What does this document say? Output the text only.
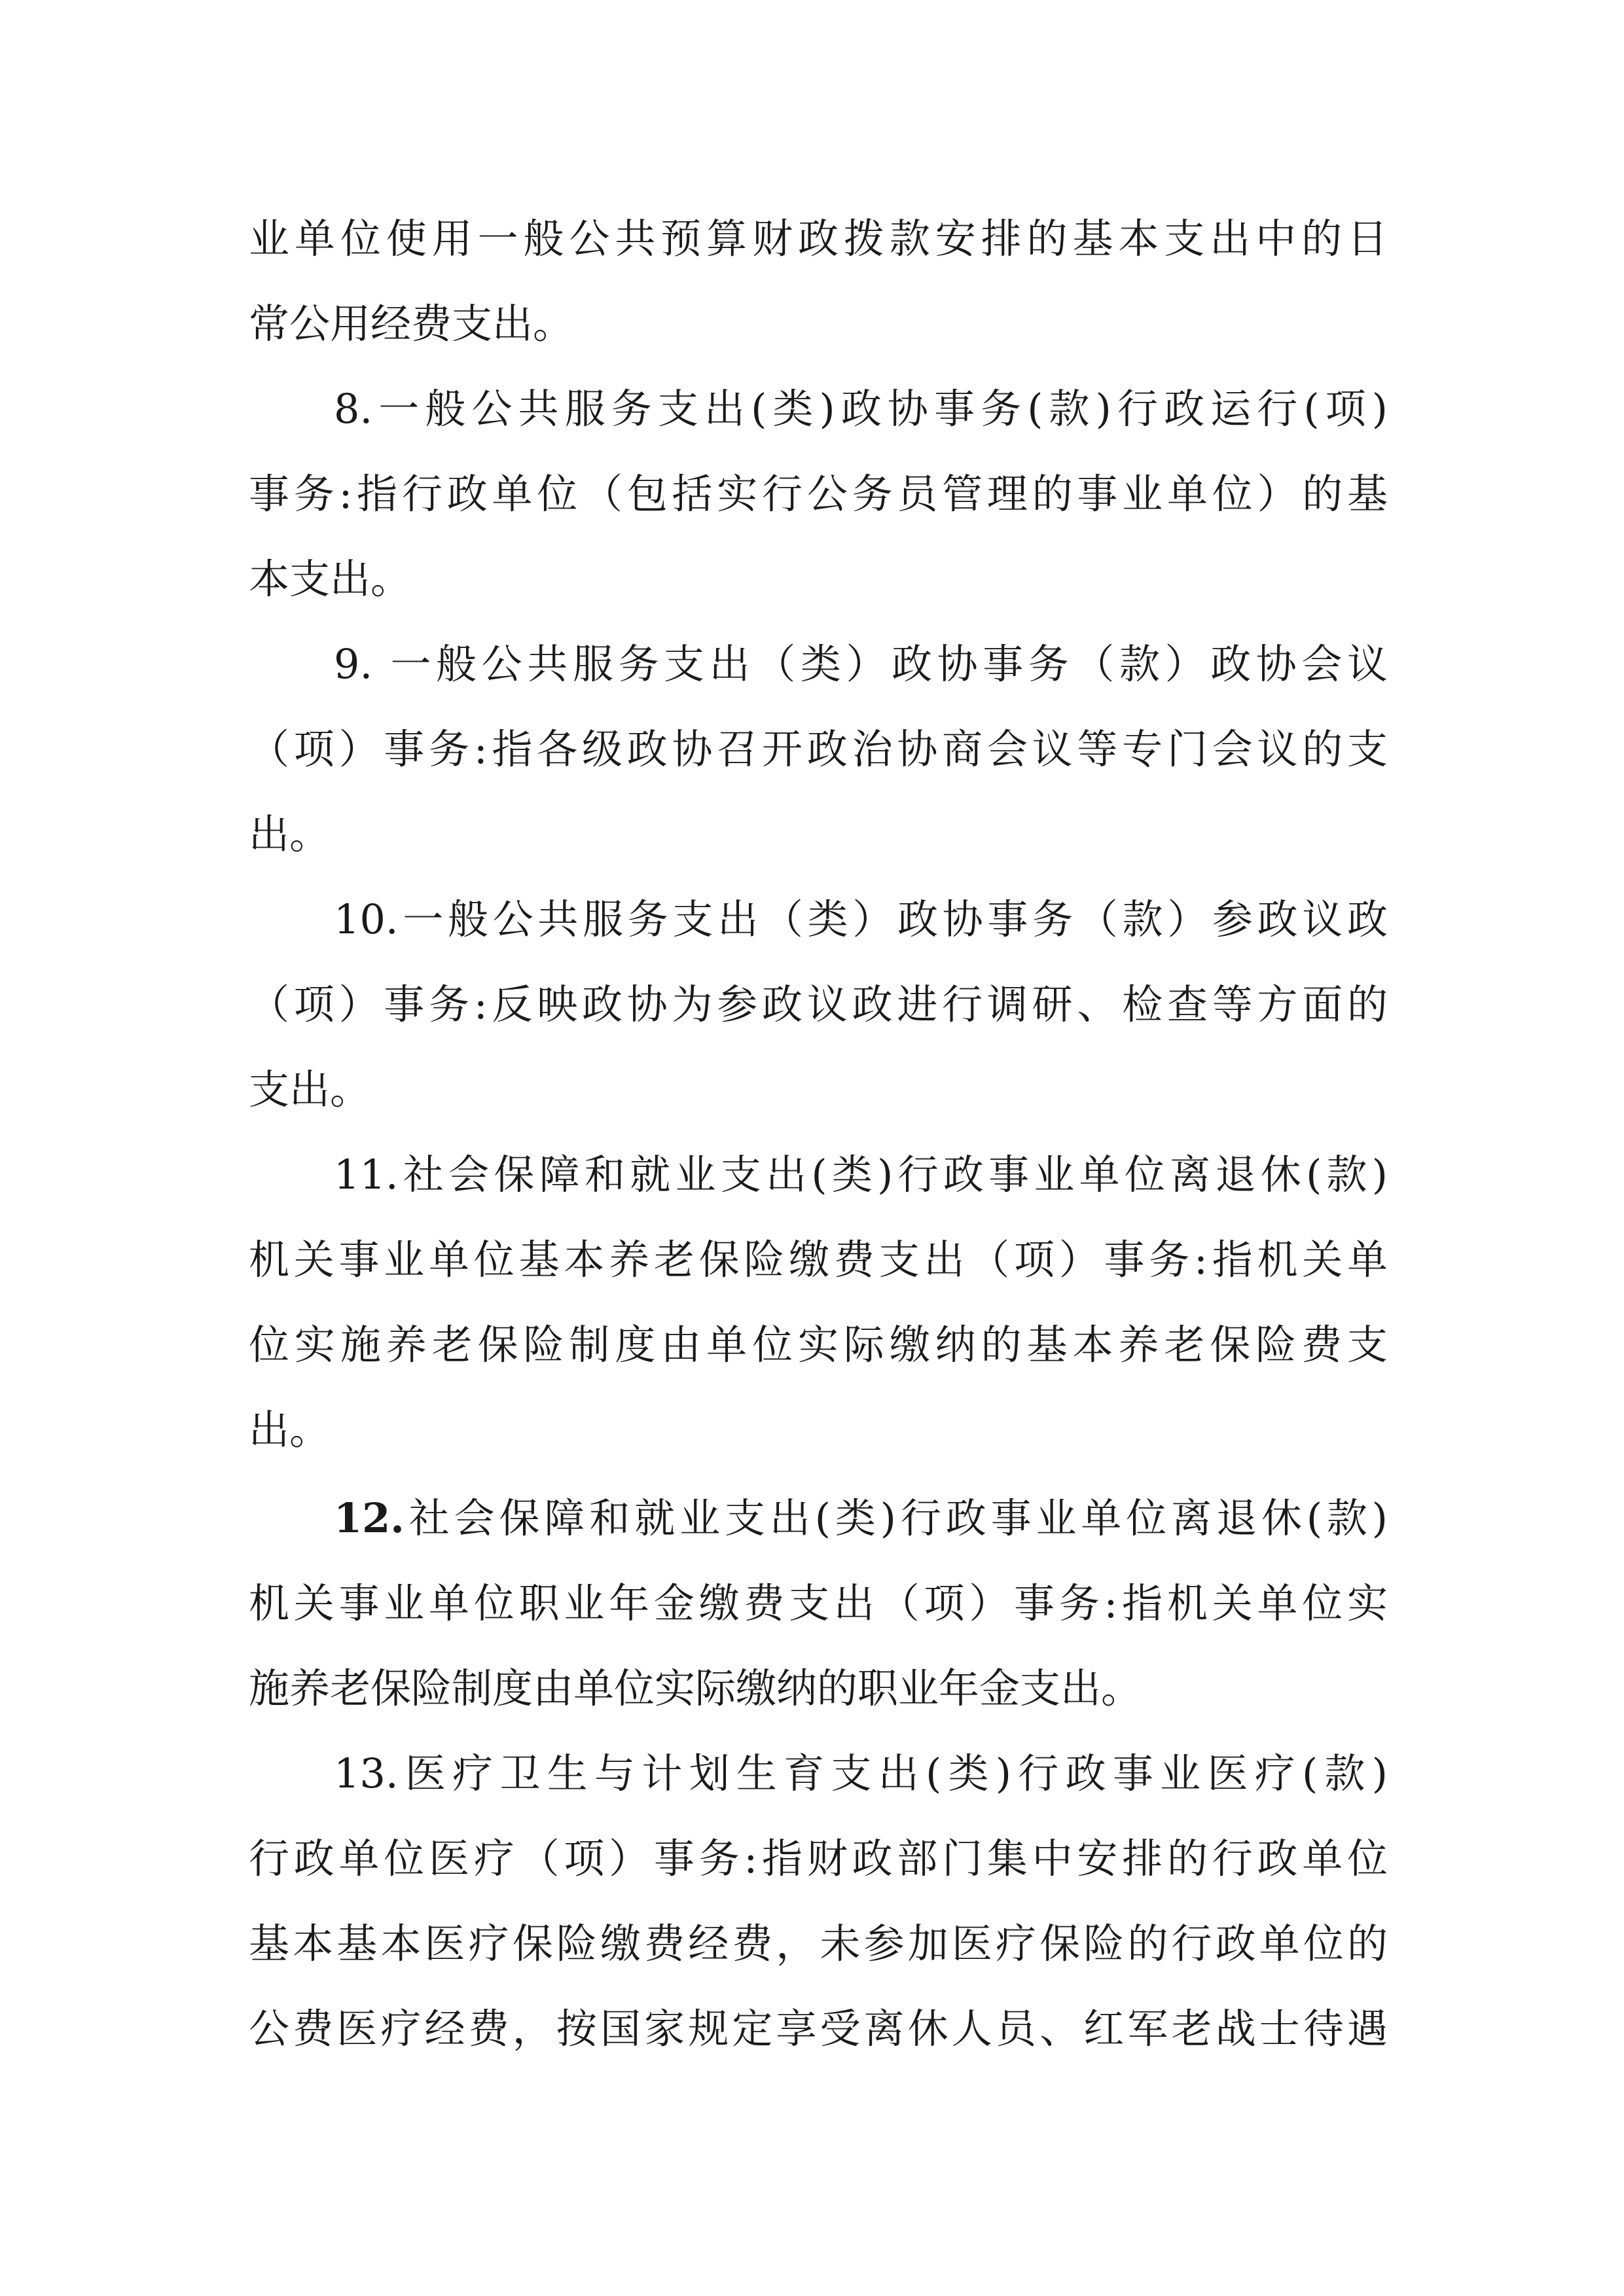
业单位使用一般公共预算财政拨款安排的基本支出中的日
常公用经费支出。
8.一般公共服务支出(类)政协事务(款)行政运行(项)
事务:指行政单位（包括实行公务员管理的事业单位）的基
本支出。
9. 一般公共服务支出（类）政协事务（款）政协会议
（项）事务:指各级政协召开政治协商会议等专门会议的支
出。
10.一般公共服务支出（类）政协事务（款）参政议政
（项）事务:反映政协为参政议政进行调研、检查等方面的
支出。
11.社会保障和就业支出(类)行政事业单位离退休(款)
机关事业单位基本养老保险缴费支出（项）事务:指机关单
位实施养老保险制度由单位实际缴纳的基本养老保险费支
出。
12.社会保障和就业支出(类)行政事业单位离退休(款)
机关事业单位职业年金缴费支出（项）事务:指机关单位实
施养老保险制度由单位实际缴纳的职业年金支出。
13.医疗卫生与计划生育支出(类)行政事业医疗(款)
行政单位医疗（项）事务:指财政部门集中安排的行政单位
基本基本医疗保险缴费经费，未参加医疗保险的行政单位的
公费医疗经费，按国家规定享受离休人员、红军老战士待遇
